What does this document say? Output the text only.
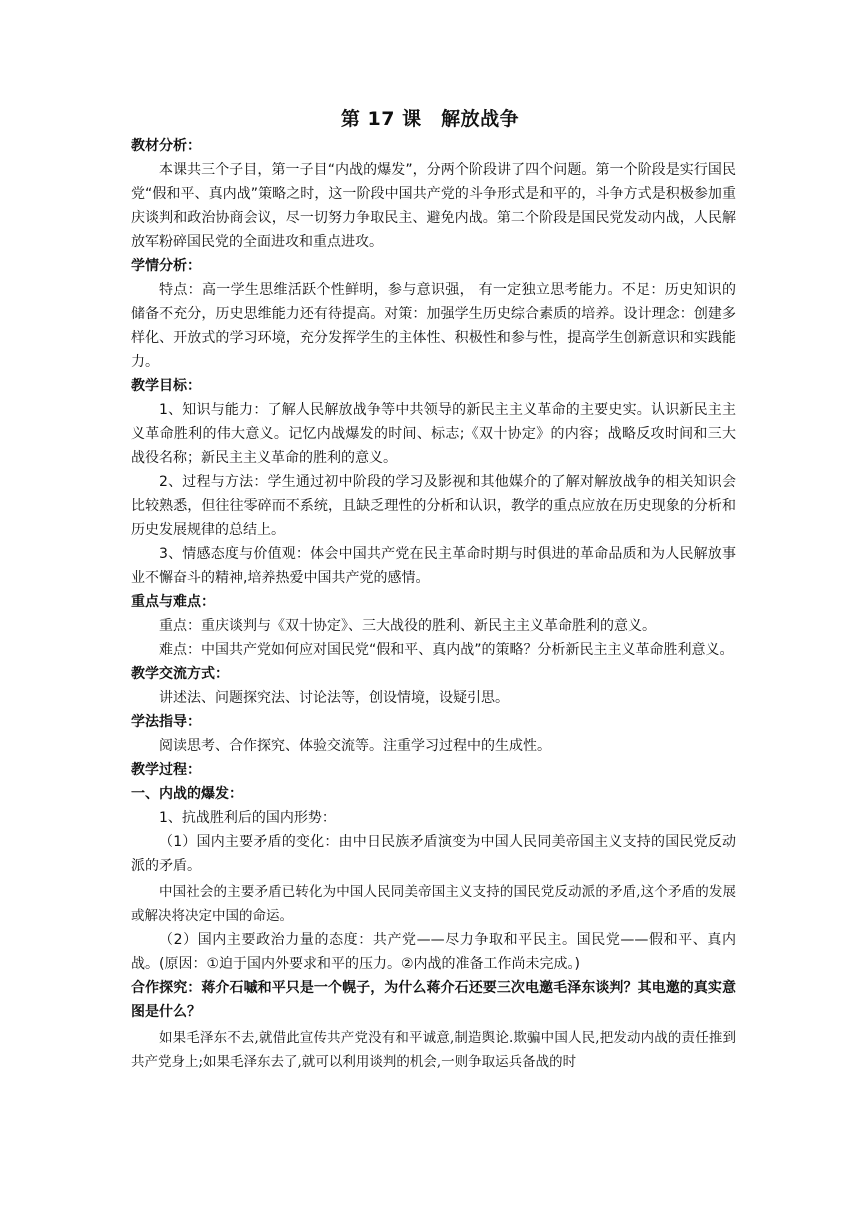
第 17 课　解放战争

教材分析：

本课共三个子目，第一子目“内战的爆发”，分两个阶段讲了四个问题。第一个阶段是实行国民党“假和平、真内战”策略之时，这一阶段中国共产党的斗争形式是和平的，斗争方式是积极参加重庆谈判和政治协商会议，尽一切努力争取民主、避免内战。第二个阶段是国民党发动内战，人民解放军粉碎国民党的全面进攻和重点进攻。

学情分析：

特点：高一学生思维活跃个性鲜明，参与意识强， 有一定独立思考能力。不足：历史知识的储备不充分，历史思维能力还有待提高。对策：加强学生历史综合素质的培养。设计理念：创建多样化、开放式的学习环境，充分发挥学生的主体性、积极性和参与性，提高学生创新意识和实践能力。

教学目标：

1、知识与能力：了解人民解放战争等中共领导的新民主主义革命的主要史实。认识新民主主义革命胜利的伟大意义。记忆内战爆发的时间、标志;《双十协定》的内容；战略反攻时间和三大战役名称；新民主主义革命的胜利的意义。

2、过程与方法：学生通过初中阶段的学习及影视和其他媒介的了解对解放战争的相关知识会比较熟悉，但往往零碎而不系统，且缺乏理性的分析和认识，教学的重点应放在历史现象的分析和历史发展规律的总结上。

3、情感态度与价值观：体会中国共产党在民主革命时期与时俱进的革命品质和为人民解放事业不懈奋斗的精神,培养热爱中国共产党的感情。

重点与难点：

重点：重庆谈判与《双十协定》、三大战役的胜利、新民主主义革命胜利的意义。

难点：中国共产党如何应对国民党“假和平、真内战”的策略？分析新民主主义革命胜利意义。

教学交流方式：

讲述法、问题探究法、讨论法等，创设情境，设疑引思。

学法指导：

阅读思考、合作探究、体验交流等。注重学习过程中的生成性。

教学过程：

一、内战的爆发：

1、抗战胜利后的国内形势：

（1）国内主要矛盾的变化：由中日民族矛盾演变为中国人民同美帝国主义支持的国民党反动派的矛盾。

中国社会的主要矛盾已转化为中国人民同美帝国主义支持的国民党反动派的矛盾,这个矛盾的发展或解决将决定中国的命运。

（2）国内主要政治力量的态度：共产党——尽力争取和平民主。国民党——假和平、真内战。(原因：①迫于国内外要求和平的压力。②内战的准备工作尚未完成。)

合作探究：蒋介石嘁和平只是一个幌子，为什么蒋介石还要三次电邀毛泽东谈判？其电邀的真实意图是什么？

如果毛泽东不去,就借此宣传共产党没有和平诚意,制造舆论.欺骗中国人民,把发动内战的责任推到共产党身上;如果毛泽东去了,就可以利用谈判的机会,一则争取运兵备战的时
